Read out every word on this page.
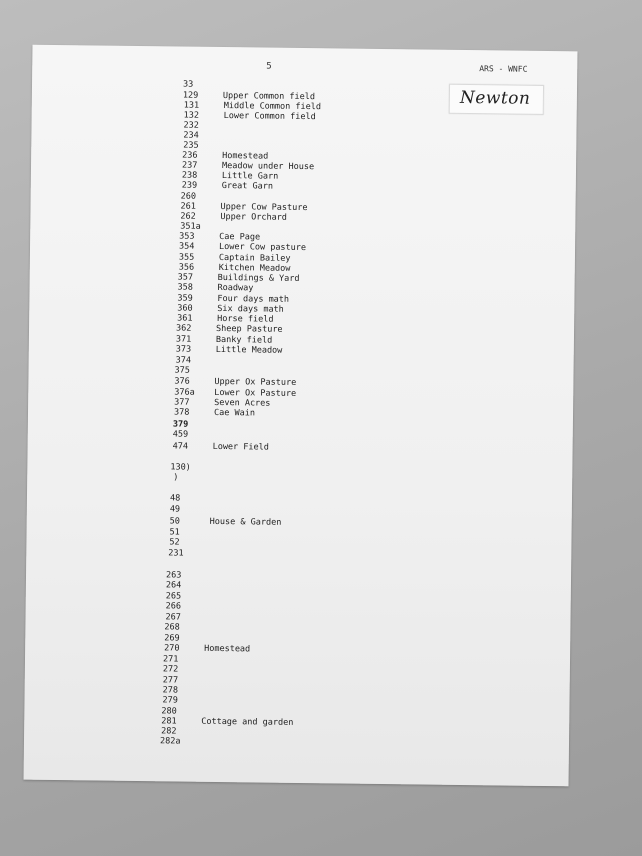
5	ARS - WNFC
Newton
33
129	Upper Common field
131	Middle Common field
132	Lower Common field
232
234
235
236	Homestead
237	Meadow under House
238	Little Garn
239	Great Garn
260
261	Upper Cow Pasture
262	Upper Orchard
351a
353	Cae Page
354	Lower Cow pasture
355	Captain Bailey
356	Kitchen Meadow
357	Buildings & Yard
358	Roadway
359	Four days math
360	Six days math
361	Horse field
362	Sheep Pasture
371	Banky field
373	Little Meadow
374
375
376	Upper Ox Pasture
376a Lower Ox Pasture
377	Seven Acres
378	Cae Wain
379
459
474	Lower Field
130)
)
48
49
50	House & Garden
51
52
231
263
264
265
266
267
268
269
270	Homestead
271
272
277
278
279
280
281	Cottage and garden
282
282a
